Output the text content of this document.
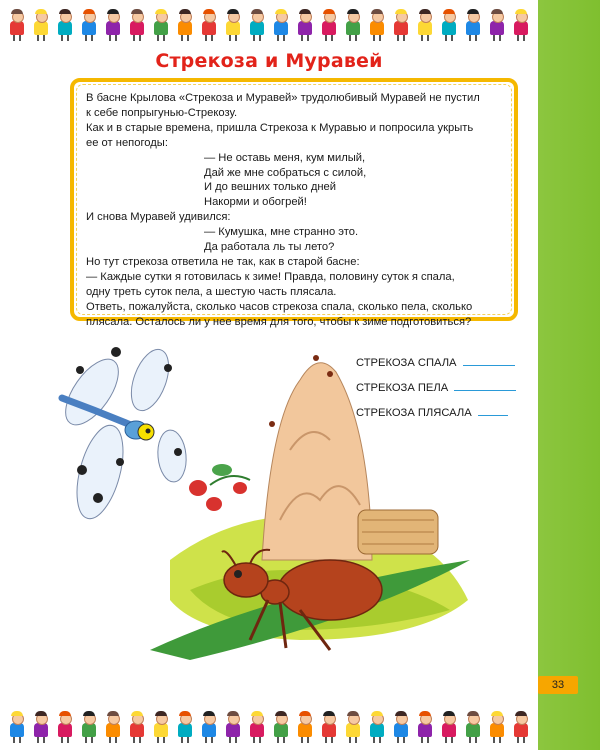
33
Стрекоза и Муравей
В басне Крылова «Стрекоза и Муравей» трудолюбивый Муравей не пустил
к себе попрыгунью-Стрекозу.
Как и в старые времена, пришла Стрекоза к Муравью и попросила укрыть
ее от непогоды:
— Не оставь меня, кум милый,
Дай же мне собраться с силой,
И до вешних только дней
Накорми и обогрей!
И снова Муравей удивился:
— Кумушка, мне странно это.
Да работала ль ты лето?
Но тут стрекоза ответила не так, как в старой басне:
— Каждые сутки я готовилась к зиме! Правда, половину суток я спала,
одну треть суток пела, а шестую часть плясала.
Ответь, пожалуйста, сколько часов стрекоза спала, сколько пела, сколько
плясала. Осталось ли у нее время для того, чтобы к зиме подготовиться?
СТРЕКОЗА СПАЛА
СТРЕКОЗА ПЕЛА
СТРЕКОЗА ПЛЯСАЛА
